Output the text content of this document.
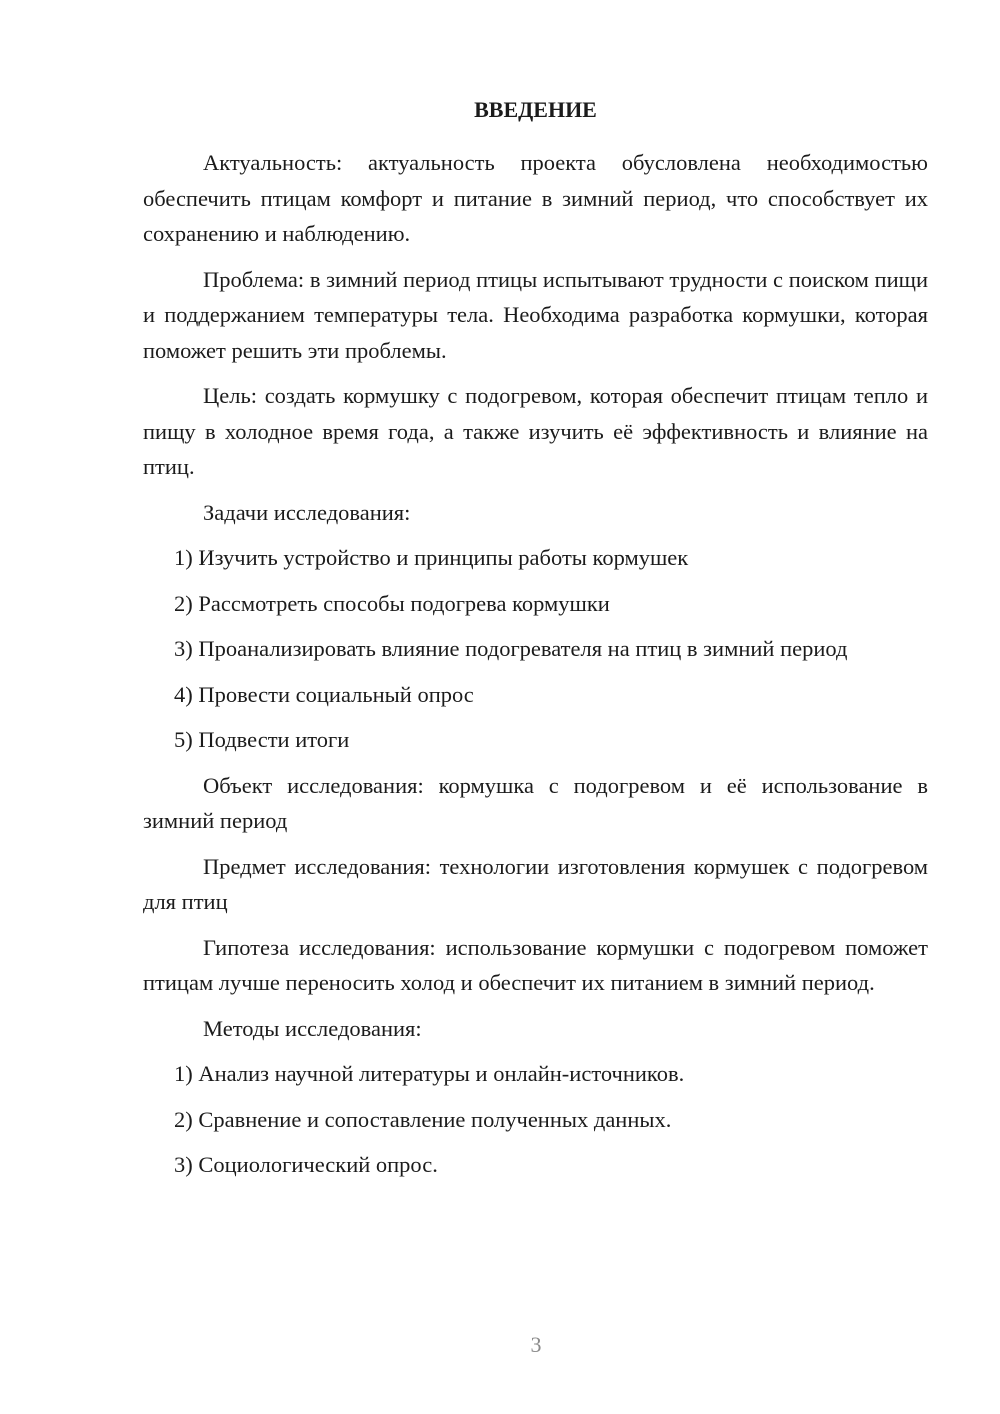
ВВЕДЕНИЕ

Актуальность: актуальность проекта обусловлена необходимостью обеспечить птицам комфорт и питание в зимний период, что способствует их сохранению и наблюдению.

Проблема: в зимний период птицы испытывают трудности с поиском пищи и поддержанием температуры тела. Необходима разработка кормушки, которая поможет решить эти проблемы.

Цель: создать кормушку с подогревом, которая обеспечит птицам тепло и пищу в холодное время года, а также изучить её эффективность и влияние на птиц.

Задачи исследования:

1) Изучить устройство и принципы работы кормушек
2) Рассмотреть способы подогрева кормушки
3) Проанализировать влияние подогревателя на птиц в зимний период
4) Провести социальный опрос
5) Подвести итоги

Объект исследования: кормушка с подогревом и её использование в зимний период

Предмет исследования: технологии изготовления кормушек с подогревом для птиц

Гипотеза исследования: использование кормушки с подогревом поможет птицам лучше переносить холод и обеспечит их питанием в зимний период.

Методы исследования:

1) Анализ научной литературы и онлайн-источников.
2) Сравнение и сопоставление полученных данных.
3) Социологический опрос.
3
